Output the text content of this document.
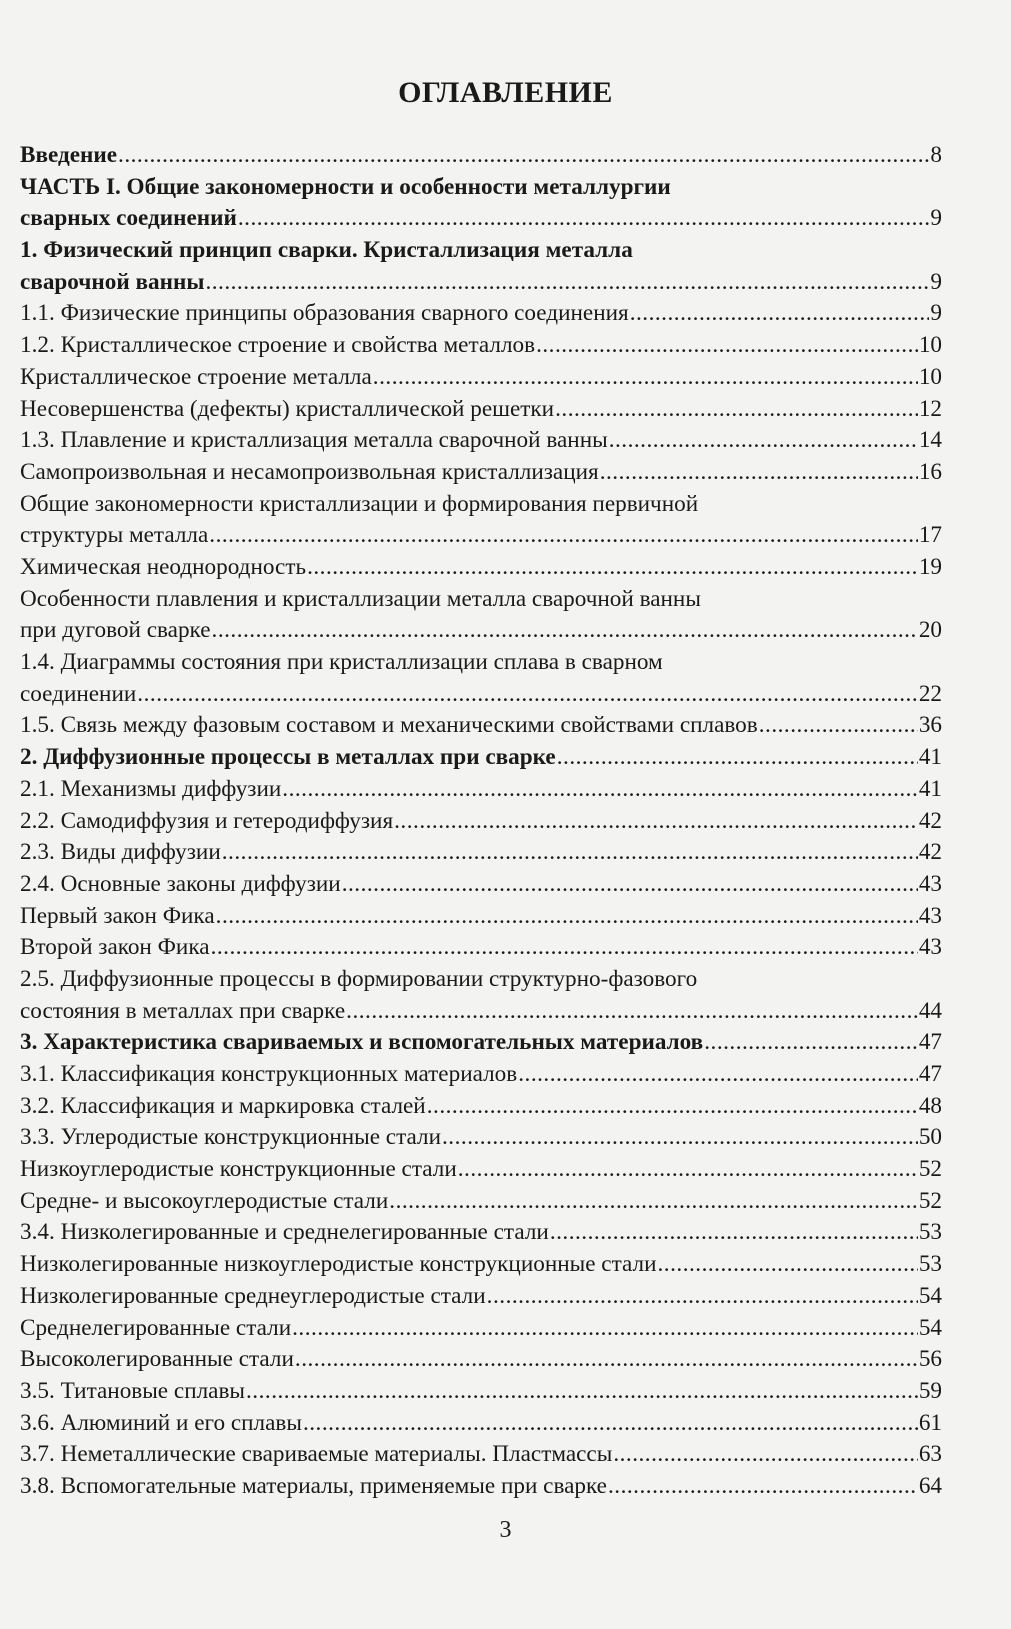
ОГЛАВЛЕНИЕ
Введение .....	8
ЧАСТЬ I. Общие закономерности и особенности металлургии
сварных соединений .....	9
1. Физический принцип сварки. Кристаллизация металла
сварочной ванны .....	9
1.1. Физические принципы образования сварного соединения .....	9
1.2. Кристаллическое строение и свойства металлов .....	10
Кристаллическое строение металла .....	10
Несовершенства (дефекты) кристаллической решетки .....	12
1.3. Плавление и кристаллизация металла сварочной ванны .....	14
Самопроизвольная и несамопроизвольная кристаллизация .....	16
Общие закономерности кристаллизации и формирования первичной
структуры металла .....	17
Химическая неоднородность .....	19
Особенности плавления и кристаллизации металла сварочной ванны
при дуговой сварке .....	20
1.4. Диаграммы состояния при кристаллизации сплава в сварном
соединении .....	22
1.5. Связь между фазовым составом и механическими свойствами сплавов .....	36
2. Диффузионные процессы в металлах при сварке .....	41
2.1. Механизмы диффузии .....	41
2.2. Самодиффузия и гетеродиффузия .....	42
2.3. Виды диффузии .....	42
2.4. Основные законы диффузии .....	43
Первый закон Фика .....	43
Второй закон Фика .....	43
2.5. Диффузионные процессы в формировании структурно-фазового
состояния в металлах при сварке .....	44
3. Характеристика свариваемых и вспомогательных материалов .....	47
3.1. Классификация конструкционных материалов .....	47
3.2. Классификация и маркировка сталей .....	48
3.3. Углеродистые конструкционные стали .....	50
Низкоуглеродистые конструкционные стали .....	52
Средне- и высокоуглеродистые стали .....	52
3.4. Низколегированные и среднелегированные стали .....	53
Низколегированные низкоуглеродистые конструкционные стали .....	53
Низколегированные среднеуглеродистые стали .....	54
Среднелегированные стали .....	54
Высоколегированные стали .....	56
3.5. Титановые сплавы .....	59
3.6. Алюминий и его сплавы .....	61
3.7. Неметаллические свариваемые материалы. Пластмассы .....	63
3.8. Вспомогательные материалы, применяемые при сварке .....	64
3
